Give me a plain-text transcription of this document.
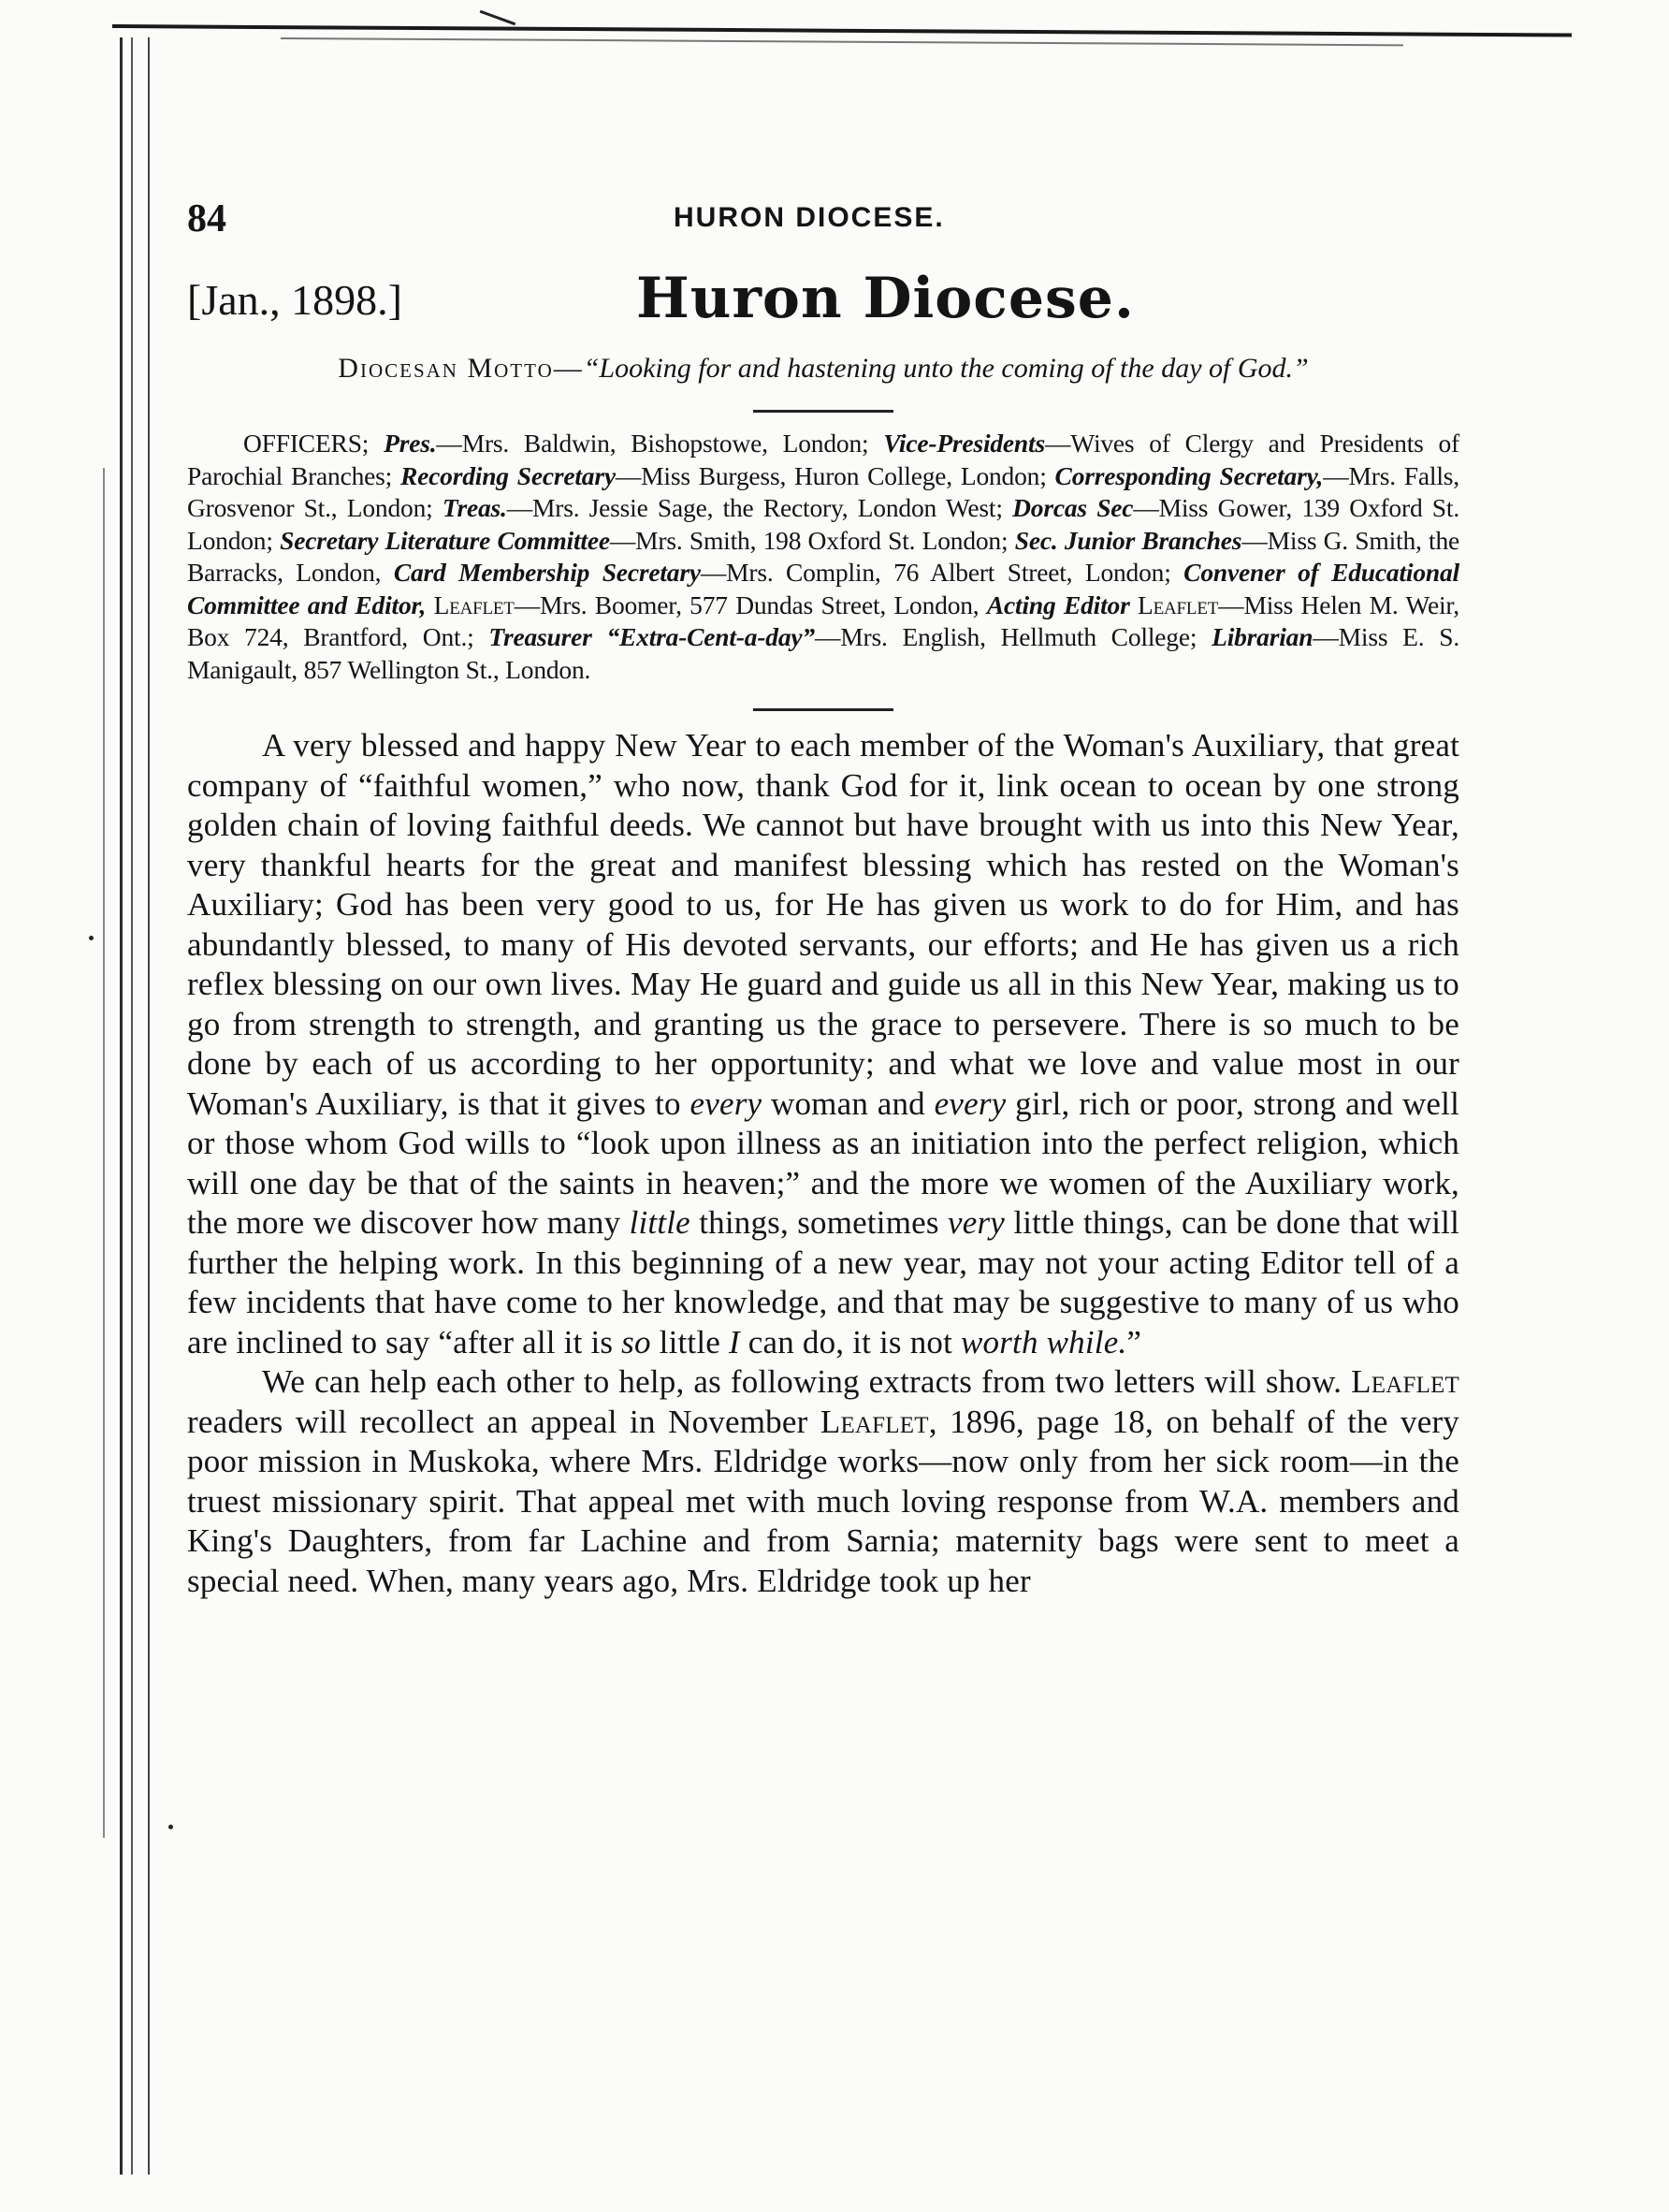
84	HURON DIOCESE.
[Jan., 1898.]	Huron Diocese.
Diocesan Motto—“Looking for and hastening unto the coming of the day of God.”
OFFICERS; Pres.—Mrs. Baldwin, Bishopstowe, London; Vice-Presidents—Wives of Clergy and Presidents of Parochial Branches; Recording Secretary—Miss Burgess, Huron College, London; Corresponding Secretary,—Mrs. Falls, Grosvenor St., London; Treas.—Mrs. Jessie Sage, the Rectory, London West; Dorcas Sec—Miss Gower, 139 Oxford St. London; Secretary Literature Committee—Mrs. Smith, 198 Oxford St. London; Sec. Junior Branches—Miss G. Smith, the Barracks, London, Card Membership Secretary—Mrs. Complin, 76 Albert Street, London; Convener of Educational Committee and Editor, Leaflet—Mrs. Boomer, 577 Dundas Street, London, Acting Editor Leaflet—Miss Helen M. Weir, Box 724, Brantford, Ont.; Treasurer “Extra-Cent-a-day”—Mrs. English, Hellmuth College; Librarian—Miss E. S. Manigault, 857 Wellington St., London.

A very blessed and happy New Year to each member of the Woman's Auxiliary, that great company of “faithful women,” who now, thank God for it, link ocean to ocean by one strong golden chain of loving faithful deeds. We cannot but have brought with us into this New Year, very thankful hearts for the great and manifest blessing which has rested on the Woman's Auxiliary; God has been very good to us, for He has given us work to do for Him, and has abundantly blessed, to many of His devoted servants, our efforts; and He has given us a rich reflex blessing on our own lives. May He guard and guide us all in this New Year, making us to go from strength to strength, and granting us the grace to persevere. There is so much to be done by each of us according to her opportunity; and what we love and value most in our Woman's Auxiliary, is that it gives to every woman and every girl, rich or poor, strong and well or those whom God wills to “look upon illness as an initiation into the perfect religion, which will one day be that of the saints in heaven;” and the more we women of the Auxiliary work, the more we discover how many little things, sometimes very little things, can be done that will further the helping work. In this beginning of a new year, may not your acting Editor tell of a few incidents that have come to her knowledge, and that may be suggestive to many of us who are inclined to say “after all it is so little I can do, it is not worth while.”

We can help each other to help, as following extracts from two letters will show. Leaflet readers will recollect an appeal in November Leaflet, 1896, page 18, on behalf of the very poor mission in Muskoka, where Mrs. Eldridge works—now only from her sick room—in the truest missionary spirit. That appeal met with much loving response from W.A. members and King's Daughters, from far Lachine and from Sarnia; maternity bags were sent to meet a special need. When, many years ago, Mrs. Eldridge took up her
